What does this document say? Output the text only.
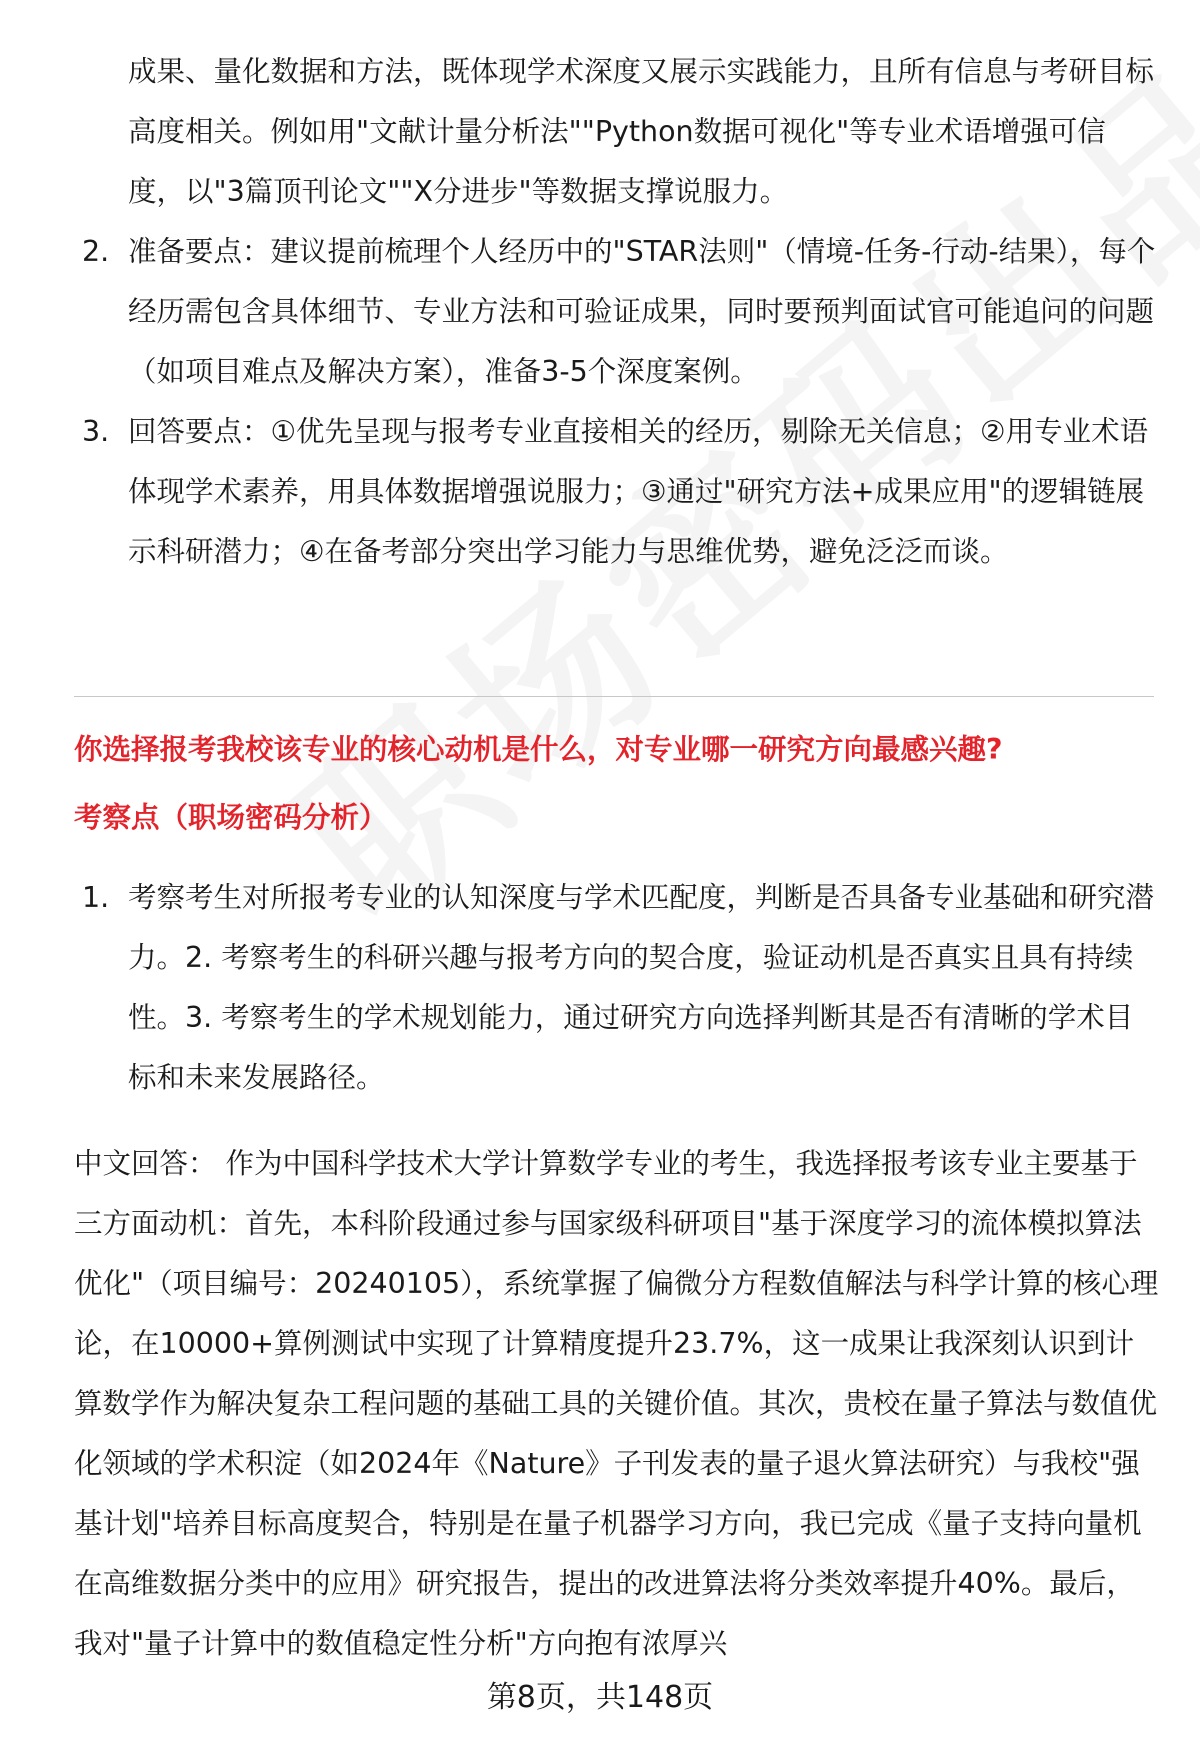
成果、量化数据和方法，既体现学术深度又展示实践能力，且所有信息与考研目标高度相关。例如用"文献计量分析法""Python数据可视化"等专业术语增强可信度，以"3篇顶刊论文""X分进步"等数据支撑说服力。
2. 准备要点：建议提前梳理个人经历中的"STAR法则"（情境-任务-行动-结果），每个经历需包含具体细节、专业方法和可验证成果，同时要预判面试官可能追问的问题（如项目难点及解决方案），准备3-5个深度案例。
3. 回答要点：①优先呈现与报考专业直接相关的经历，剔除无关信息；②用专业术语体现学术素养，用具体数据增强说服力；③通过"研究方法+成果应用"的逻辑链展示科研潜力；④在备考部分突出学习能力与思维优势，避免泛泛而谈。
你选择报考我校该专业的核心动机是什么，对专业哪一研究方向最感兴趣?
考察点（职场密码分析）
1. 考察考生对所报考专业的认知深度与学术匹配度，判断是否具备专业基础和研究潜力。2. 考察考生的科研兴趣与报考方向的契合度，验证动机是否真实且具有持续性。3. 考察考生的学术规划能力，通过研究方向选择判断其是否有清晰的学术目标和未来发展路径。

中文回答： 作为中国科学技术大学计算数学专业的考生，我选择报考该专业主要基于三方面动机：首先，本科阶段通过参与国家级科研项目"基于深度学习的流体模拟算法优化"（项目编号：20240105），系统掌握了偏微分方程数值解法与科学计算的核心理论，在10000+算例测试中实现了计算精度提升23.7%，这一成果让我深刻认识到计算数学作为解决复杂工程问题的基础工具的关键价值。其次，贵校在量子算法与数值优化领域的学术积淀（如2024年《Nature》子刊发表的量子退火算法研究）与我校"强基计划"培养目标高度契合，特别是在量子机器学习方向，我已完成《量子支持向量机在高维数据分类中的应用》研究报告，提出的改进算法将分类效率提升40%。最后，我对"量子计算中的数值稳定性分析"方向抱有浓厚兴

第8页，共148页
